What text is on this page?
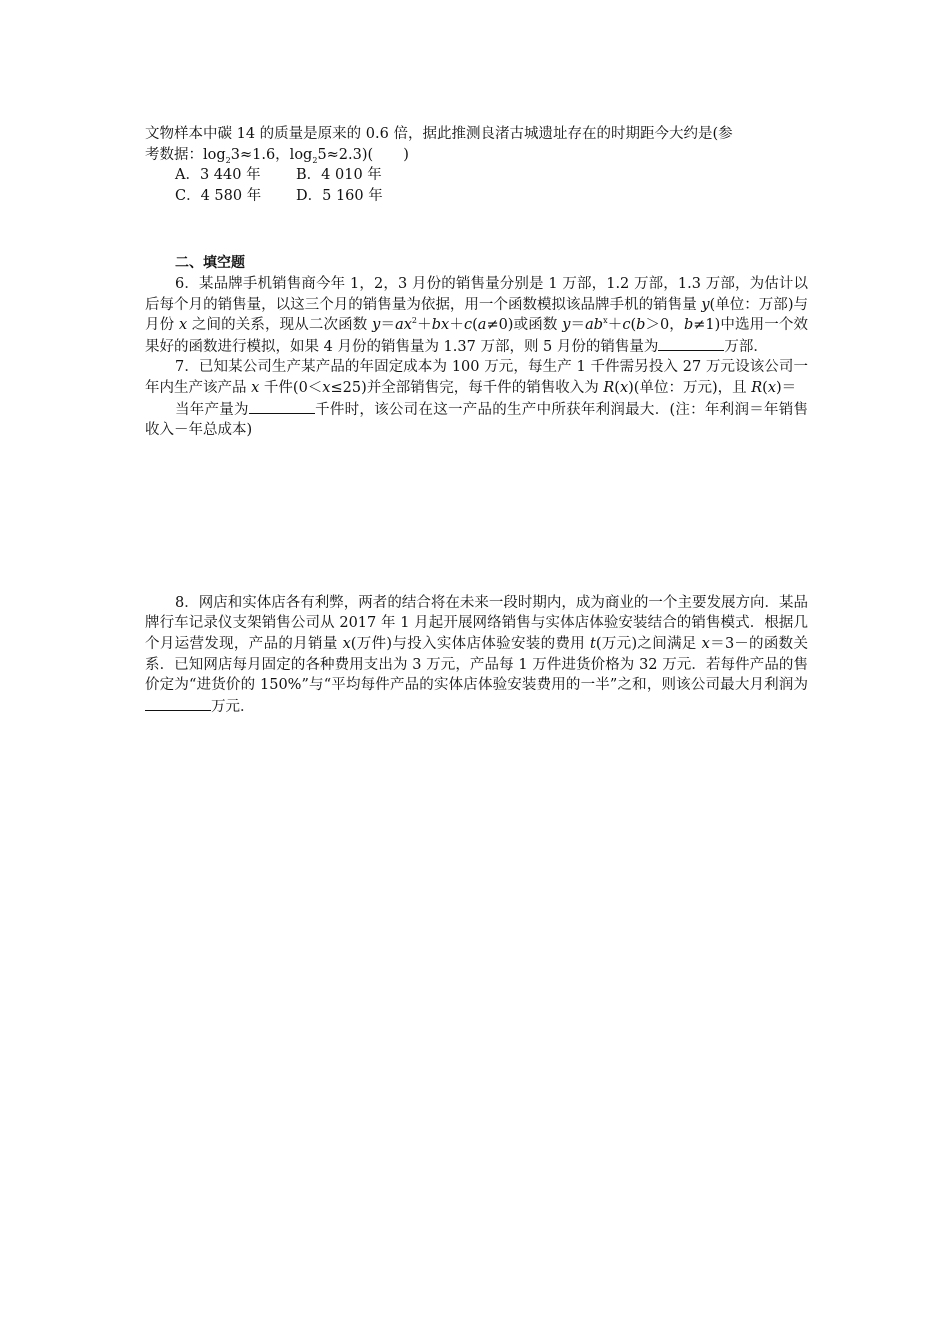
文物样本中碳 14 的质量是原来的 0.6 倍，据此推测良渚古城遗址存在的时期距今大约是(参
考数据：$\log_23\approx 1.6$，$\log_25\approx 2.3$)( )

A．3 440 年 B．4 010 年

C．4 580 年 D．5 160 年

二、填空题

6．某品牌手机销售商今年 1，2，3 月份的销售量分别是 1 万部，1.2 万部，1.3 万部，为估计以后每个月的销售量，以这三个月的销售量为依据，用一个函数模拟该品牌手机的销售量 y(单位：万部)与月份 x 之间的关系，现从二次函数 $y=ax^2+bx+c(a\ne 0)$或函数 $y=ab^x+c(b>0$，b≠1)中选用一个效果好的函数进行模拟，如果 4 月份的销售量为 1.37 万部，则 5 月份的销售量为	万部．

7．已知某公司生产某产品的年固定成本为 100 万元，每生产 1 千件需另投入 27 万元设该公司一年内生产该产品 x 千件(0＜x≤25)并全部销售完，每千件的销售收入为 R(x)(单位：万元)，且 R(x)＝

当年产量为	千件时，该公司在这一产品的生产中所获年利润最大．(注：年利润＝年销售收入－年总成本)

8．网店和实体店各有利弊，两者的结合将在未来一段时期内，成为商业的一个主要发展方向．某品牌行车记录仪支架销售公司从 2017 年 1 月起开展网络销售与实体店体验安装结合的销售模式．根据几个月运营发现，产品的月销量 x(万件)与投入实体店体验安装的费用 t(万元)之间满足 x＝3－的函数关系．已知网店每月固定的各种费用支出为 3 万元，产品每 1 万件进货价格为 32 万元．若每件产品的售价定为“进货价的 150%”与“平均每件产品的实体店体验安装费用的一半”之和，则该公司最大月利润为万元．
